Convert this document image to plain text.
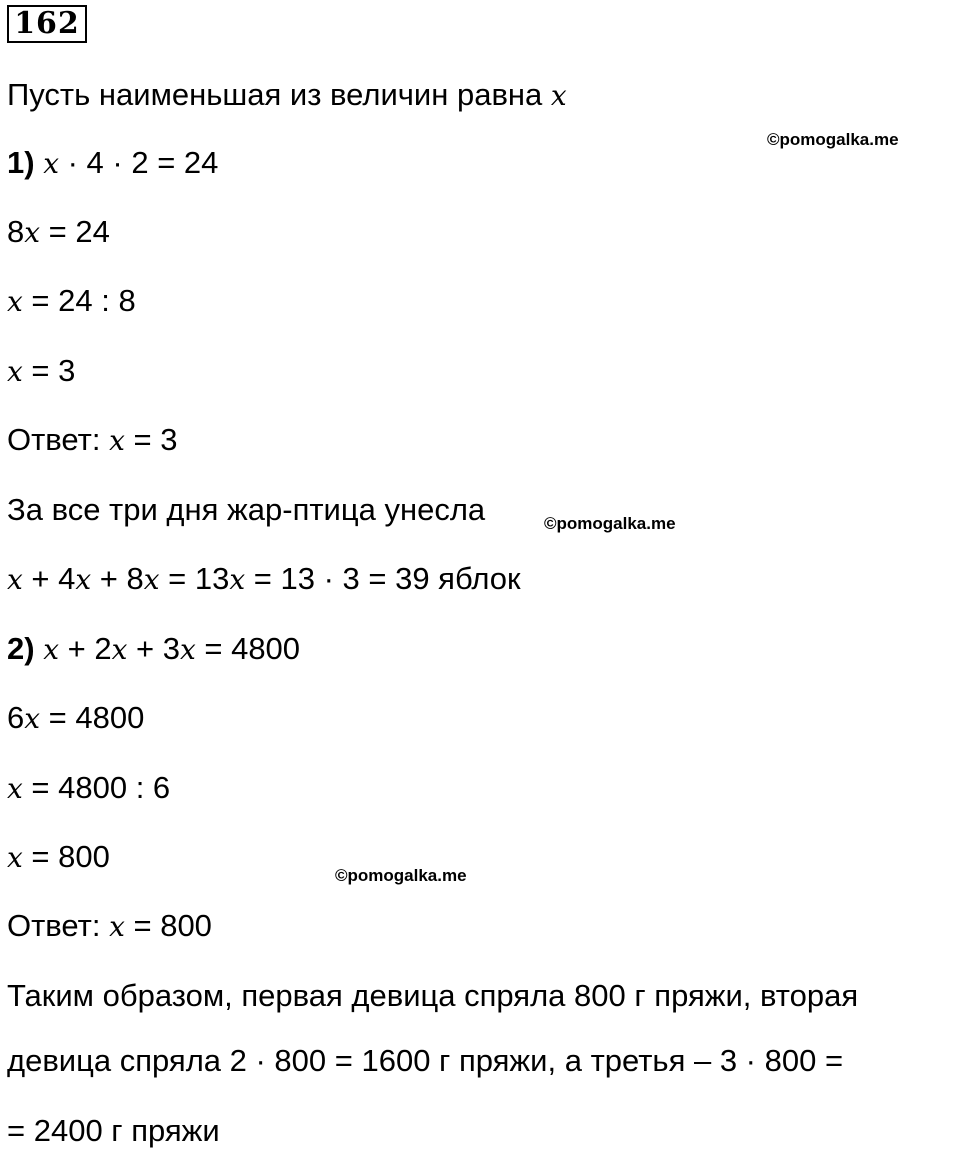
162
Пусть наименьшая из величин равна x
©pomogalka.me
1) x · 4 · 2 = 24
8x = 24
x = 24 : 8
x = 3
Ответ: x = 3
За все три дня жар-птица унесла	©pomogalka.me
x + 4x + 8x = 13x = 13 · 3 = 39 яблок
2) x + 2x + 3x = 4800
6x = 4800
x = 4800 : 6
x = 800
©pomogalka.me
Ответ: x = 800
Таким образом, первая девица спряла 800 г пряжи, вторая
девица спряла 2 · 800 = 1600 г пряжи, а третья – 3 · 800 =
= 2400 г пряжи
